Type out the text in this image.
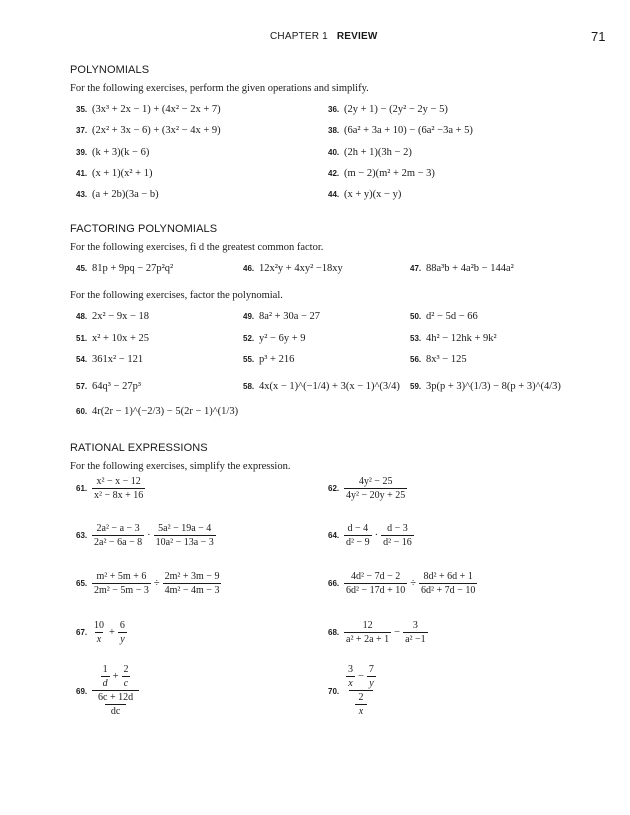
CHAPTER 1 REVIEW	71
POLYNOMIALS
For the following exercises, perform the given operations and simplify.
35. (3x³ + 2x − 1) + (4x² − 2x + 7)	36. (2y + 1) − (2y² − 2y − 5)
37. (2x² + 3x − 6) + (3x² − 4x + 9)	38. (6a² + 3a + 10) − (6a² −3a + 5)
39. (k + 3)(k − 6)	40. (2h + 1)(3h − 2)
41. (x + 1)(x² + 1)	42. (m − 2)(m² + 2m − 3)
43. (a + 2b)(3a − b)	44. (x + y)(x − y)
FACTORING POLYNOMIALS
For the following exercises, fi d the greatest common factor.
45. 81p + 9pq − 27p²q²	46. 12x²y + 4xy² −18xy	47. 88a³b + 4a²b − 144a²
For the following exercises, factor the polynomial.
48. 2x² − 9x − 18	49. 8a² + 30a − 27	50. d² − 5d − 66
51. x² + 10x + 25	52. y² − 6y + 9	53. 4h² − 12hk + 9k²
54. 361x² − 121	55. p³ + 216	56. 8x³ − 125
57. 64q³ − 27p³	58. 4x(x − 1)^(−1/4) + 3(x − 1)^(3/4) 59. 3p(p + 3)^(1/3) − 8(p + 3)^(4/3)
60. 4r(2r − 1)^(−2/3) − 5(2r − 1)^(1/3)
RATIONAL EXPRESSIONS
For the following exercises, simplify the expression.
61. $\frac{\text{x² − x − 12}}{\text{x² − 8x + 16}}$	62. $\frac{\text{4y² − 25}}{\text{4y² − 20y + 25}}$
63. $\frac{\text{2a² − a − 3}}{\text{2a² − 6a − 8}} \cdot \frac{\text{5a² − 19a − 4}}{\text{10a² − 13a − 3}}$	64. $\frac{d - 4}{\text{d² − 9}} \cdot \frac{d - 3}{\text{d² − 16}}$
65. $\frac{\text{m² + 5m + 6}}{\text{2m² − 5m − 3}} \div \frac{\text{2m² + 3m − 9}}{\text{4m² − 4m − 3}}$	66. $\frac{\text{4d² − 7d − 2}}{\text{6d² − 17d + 10}} \div \frac{\text{8d² + 6d + 1}}{\text{6d² + 7d − 10}}$
67. $\frac{10}{x} + \frac{6}{y}$	68. $\frac{12}{\text{a² + 2a + 1}} - \frac{3}{\text{a² −1}}$
69. $\frac{\frac{1}{d} + \frac{2}{c}}{\frac{6c + 12d}{dc}}$	70. $\frac{\frac{3}{x} - \frac{7}{y}}{\frac{2}{x}}$
